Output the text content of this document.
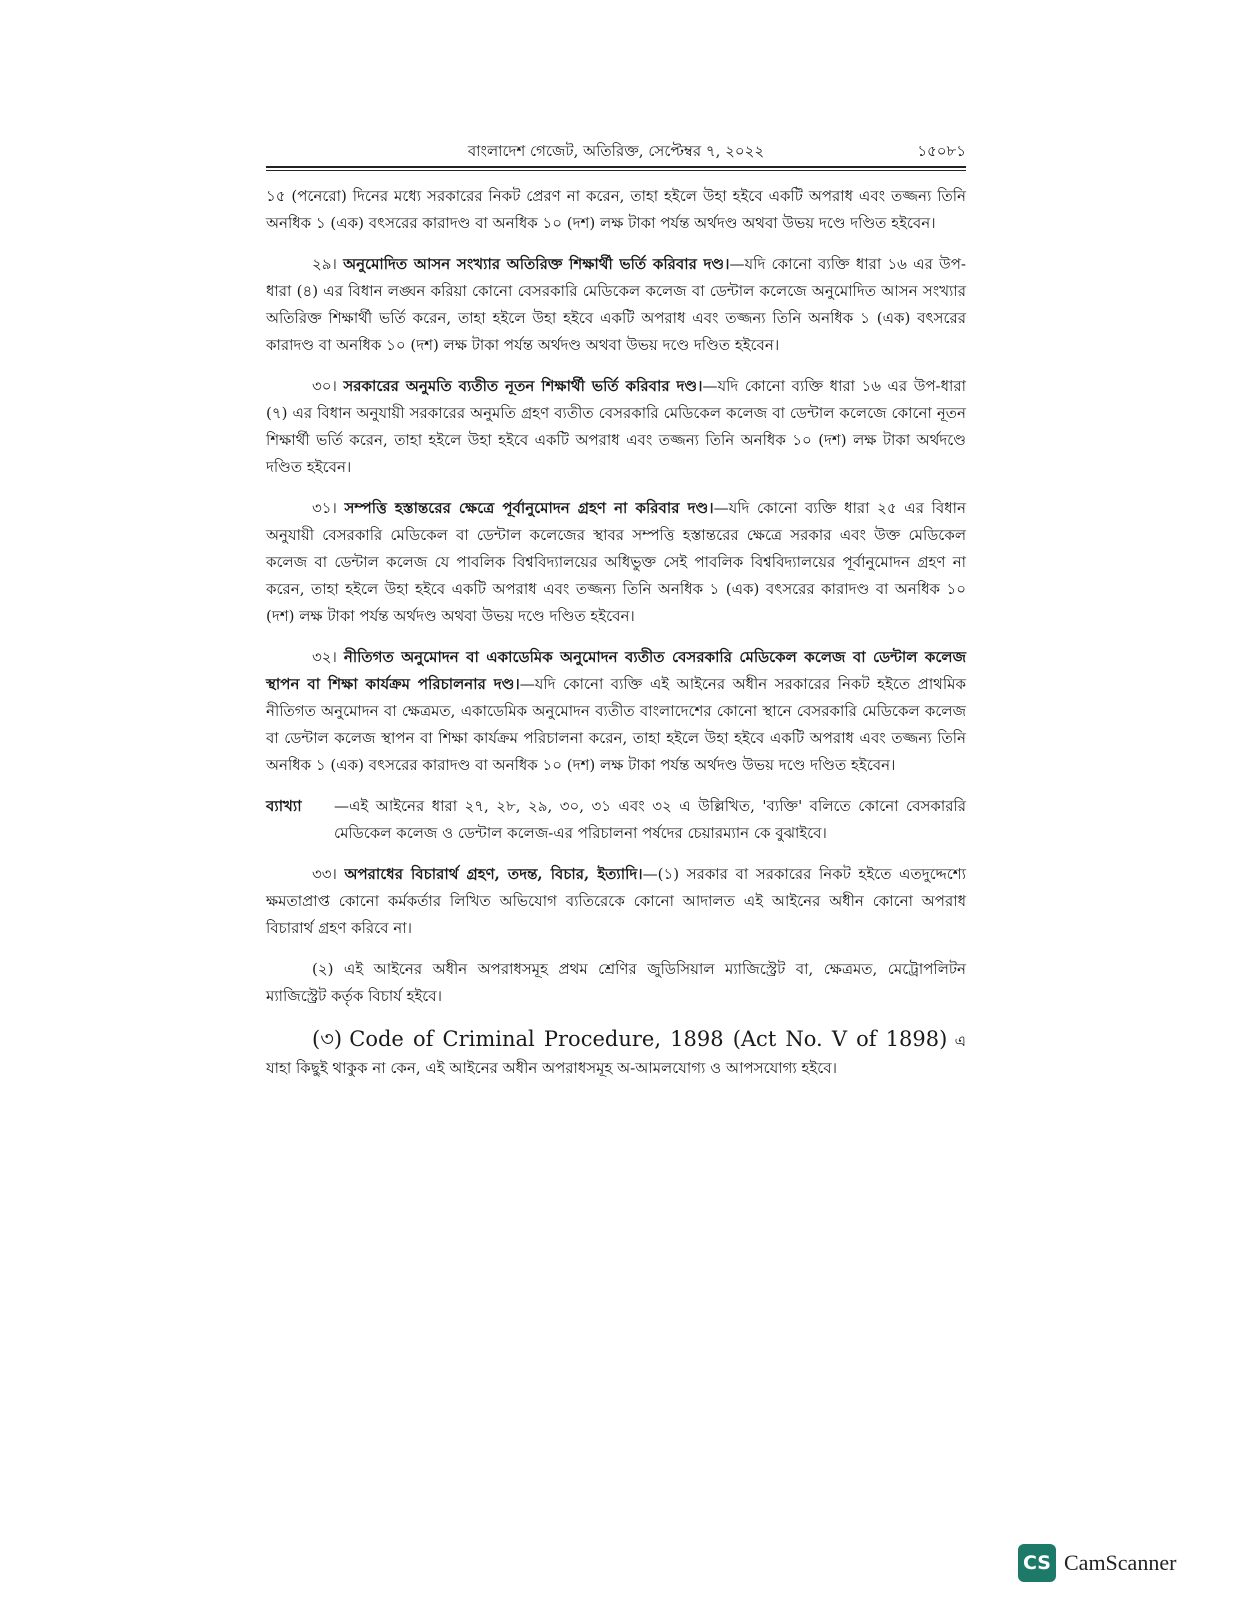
বাংলাদেশ গেজেট, অতিরিক্ত, সেপ্টেম্বর ৭, ২০২২	১৫০৮১

১৫ (পনেরো) দিনের মধ্যে সরকারের নিকট প্রেরণ না করেন, তাহা হইলে উহা হইবে একটি অপরাধ এবং তজ্জন্য তিনি অনধিক ১ (এক) বৎসরের কারাদণ্ড বা অনধিক ১০ (দশ) লক্ষ টাকা পর্যন্ত অর্থদণ্ড অথবা উভয় দণ্ডে দণ্ডিত হইবেন।

২৯। অনুমোদিত আসন সংখ্যার অতিরিক্ত শিক্ষার্থী ভর্তি করিবার দণ্ড।—যদি কোনো ব্যক্তি ধারা ১৬ এর উপ-ধারা (৪) এর বিধান লঙ্ঘন করিয়া কোনো বেসরকারি মেডিকেল কলেজ বা ডেন্টাল কলেজে অনুমোদিত আসন সংখ্যার অতিরিক্ত শিক্ষার্থী ভর্তি করেন, তাহা হইলে উহা হইবে একটি অপরাধ এবং তজ্জন্য তিনি অনধিক ১ (এক) বৎসরের কারাদণ্ড বা অনধিক ১০ (দশ) লক্ষ টাকা পর্যন্ত অর্থদণ্ড অথবা উভয় দণ্ডে দণ্ডিত হইবেন।

৩০। সরকারের অনুমতি ব্যতীত নূতন শিক্ষার্থী ভর্তি করিবার দণ্ড।—যদি কোনো ব্যক্তি ধারা ১৬ এর উপ-ধারা (৭) এর বিধান অনুযায়ী সরকারের অনুমতি গ্রহণ ব্যতীত বেসরকারি মেডিকেল কলেজ বা ডেন্টাল কলেজে কোনো নূতন শিক্ষার্থী ভর্তি করেন, তাহা হইলে উহা হইবে একটি অপরাধ এবং তজ্জন্য তিনি অনধিক ১০ (দশ) লক্ষ টাকা অর্থদণ্ডে দণ্ডিত হইবেন।

৩১। সম্পত্তি হস্তান্তরের ক্ষেত্রে পূর্বানুমোদন গ্রহণ না করিবার দণ্ড।—যদি কোনো ব্যক্তি ধারা ২৫ এর বিধান অনুযায়ী বেসরকারি মেডিকেল বা ডেন্টাল কলেজের স্থাবর সম্পত্তি হস্তান্তরের ক্ষেত্রে সরকার এবং উক্ত মেডিকেল কলেজ বা ডেন্টাল কলেজ যে পাবলিক বিশ্ববিদ্যালয়ের অধিভুক্ত সেই পাবলিক বিশ্ববিদ্যালয়ের পূর্বানুমোদন গ্রহণ না করেন, তাহা হইলে উহা হইবে একটি অপরাধ এবং তজ্জন্য তিনি অনধিক ১ (এক) বৎসরের কারাদণ্ড বা অনধিক ১০ (দশ) লক্ষ টাকা পর্যন্ত অর্থদণ্ড অথবা উভয় দণ্ডে দণ্ডিত হইবেন।

৩২। নীতিগত অনুমোদন বা একাডেমিক অনুমোদন ব্যতীত বেসরকারি মেডিকেল কলেজ বা ডেন্টাল কলেজ স্থাপন বা শিক্ষা কার্যক্রম পরিচালনার দণ্ড।—যদি কোনো ব্যক্তি এই আইনের অধীন সরকারের নিকট হইতে প্রাথমিক নীতিগত অনুমোদন বা ক্ষেত্রমত, একাডেমিক অনুমোদন ব্যতীত বাংলাদেশের কোনো স্থানে বেসরকারি মেডিকেল কলেজ বা ডেন্টাল কলেজ স্থাপন বা শিক্ষা কার্যক্রম পরিচালনা করেন, তাহা হইলে উহা হইবে একটি অপরাধ এবং তজ্জন্য তিনি অনধিক ১ (এক) বৎসরের কারাদণ্ড বা অনধিক ১০ (দশ) লক্ষ টাকা পর্যন্ত অর্থদণ্ড উভয় দণ্ডে দণ্ডিত হইবেন।

ব্যাখ্যা —এই আইনের ধারা ২৭, ২৮, ২৯, ৩০, ৩১ এবং ৩২ এ উল্লিখিত, 'ব্যক্তি' বলিতে কোনো বেসকাররি মেডিকেল কলেজ ও ডেন্টাল কলেজ-এর পরিচালনা পর্ষদের চেয়ারম্যান কে বুঝাইবে।

৩৩। অপরাধের বিচারার্থ গ্রহণ, তদন্ত, বিচার, ইত্যাদি।—(১) সরকার বা সরকারের নিকট হইতে এতদুদ্দেশ্যে ক্ষমতাপ্রাপ্ত কোনো কর্মকর্তার লিখিত অভিযোগ ব্যতিরেকে কোনো আদালত এই আইনের অধীন কোনো অপরাধ বিচারার্থ গ্রহণ করিবে না।

(২) এই আইনের অধীন অপরাধসমূহ প্রথম শ্রেণির জুডিসিয়াল ম্যাজিস্ট্রেট বা, ক্ষেত্রমত, মেট্রোপলিটন ম্যাজিস্ট্রেট কর্তৃক বিচার্য হইবে।

(৩) Code of Criminal Procedure, 1898 (Act No. V of 1898) এ যাহা কিছুই থাকুক না কেন, এই আইনের অধীন অপরাধসমূহ অ-আমলযোগ্য ও আপসযোগ্য হইবে।

CS CamScanner
